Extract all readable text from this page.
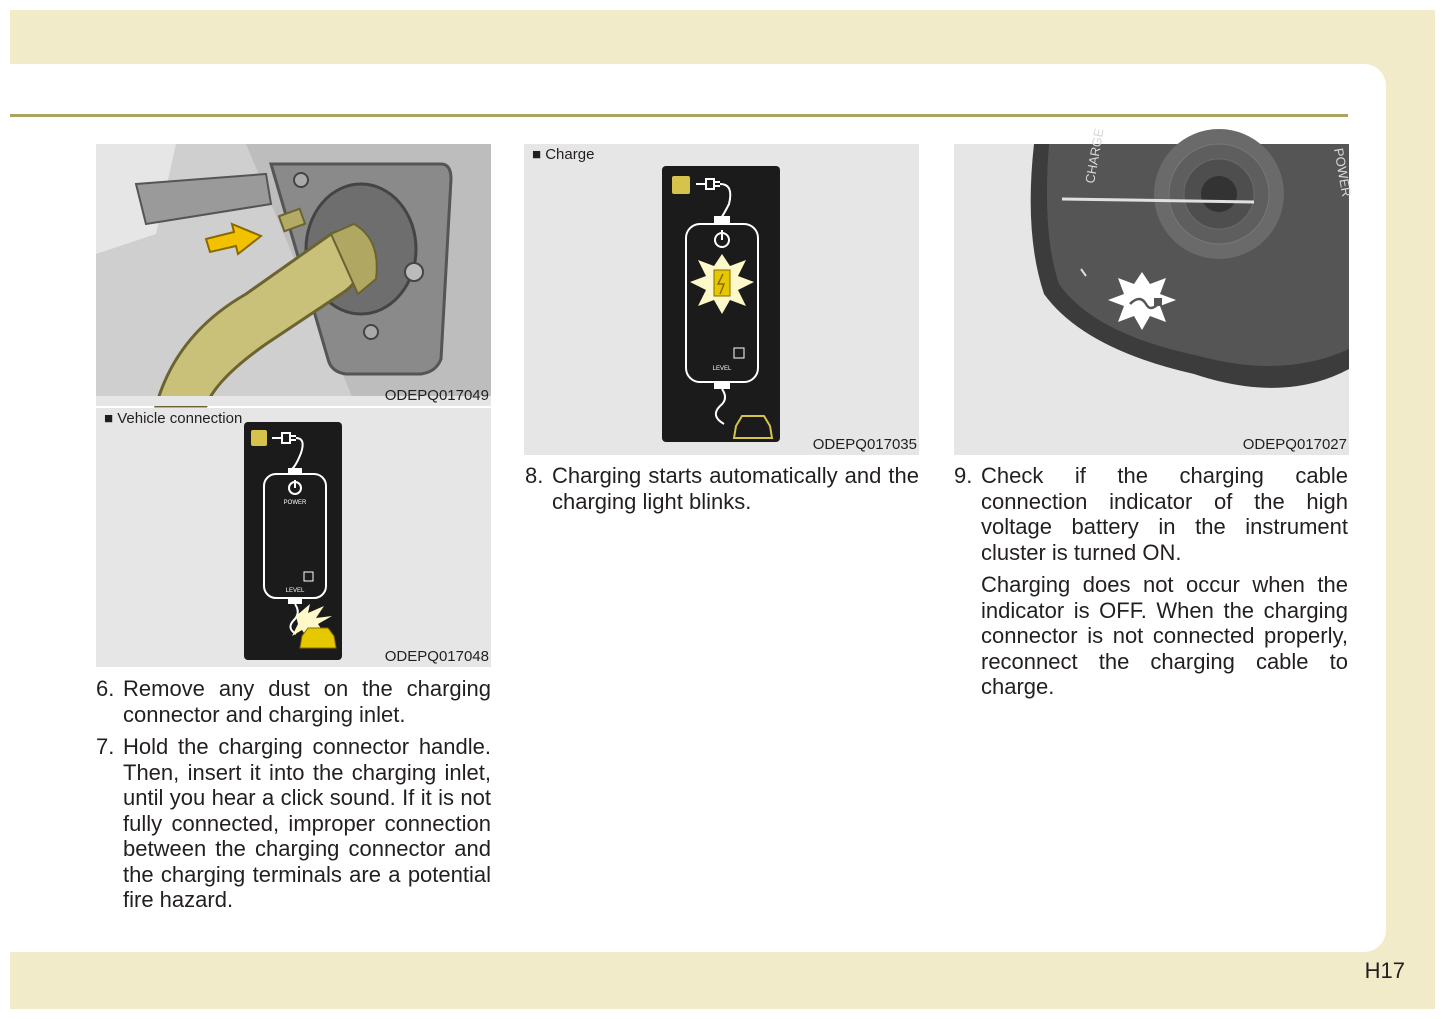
ODEPQ017049
POWER
LEVEL
■ Vehicle connection
ODEPQ017048
LEVEL
■ Charge
ODEPQ017035
CHARGE	POWER
ODEPQ017027
6. Remove any dust on the charging connector and charging inlet.
7. Hold the charging connector handle. Then, insert it into the charging inlet, until you hear a click sound. If it is not fully connected, improper connection between the charging connector and the charging terminals are a potential fire hazard.
8. Charging starts automatically and the charging light blinks.
9. Check if the charging cable connection indicator of the high voltage battery in the instrument cluster is turned ON.
Charging does not occur when the indicator is OFF. When the charging connector is not connected properly, reconnect the charging cable to charge.
H17
